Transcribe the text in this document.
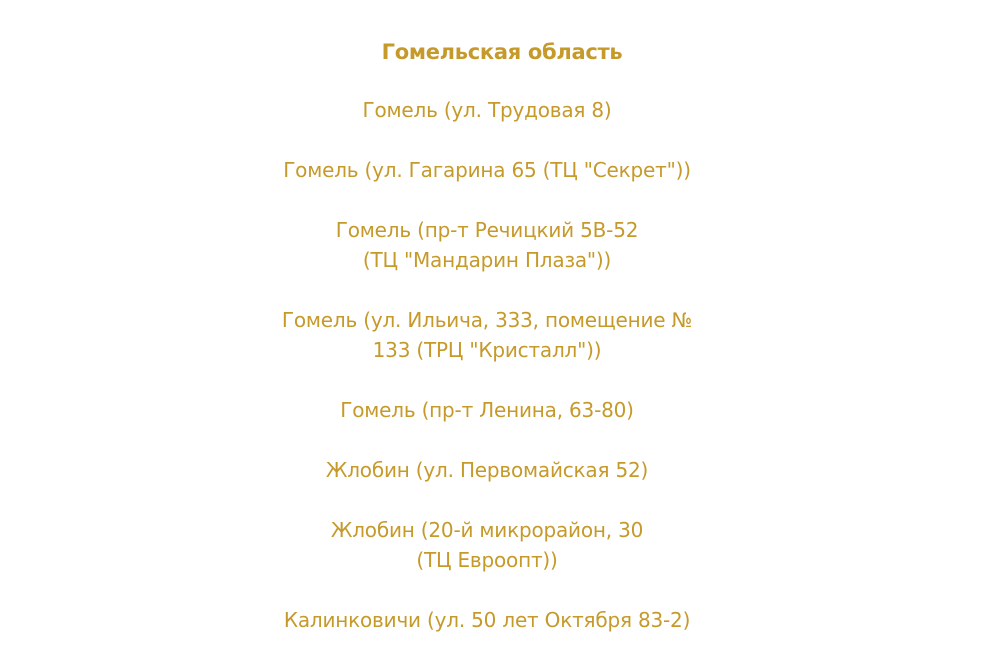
Гомельская область
Гомель (ул. Трудовая 8)
Гомель (ул. Гагарина 65 (ТЦ "Секрет"))
Гомель (пр-т Речицкий 5В-52
(ТЦ "Мандарин Плаза"))
Гомель (ул. Ильича, 333, помещение №
133 (ТРЦ "Кристалл"))
Гомель (пр-т Ленина, 63-80)
Жлобин (ул. Первомайская 52)
Жлобин (20-й микрорайон, 30
(ТЦ Евроопт))
Калинковичи (ул. 50 лет Октября 83-2)
